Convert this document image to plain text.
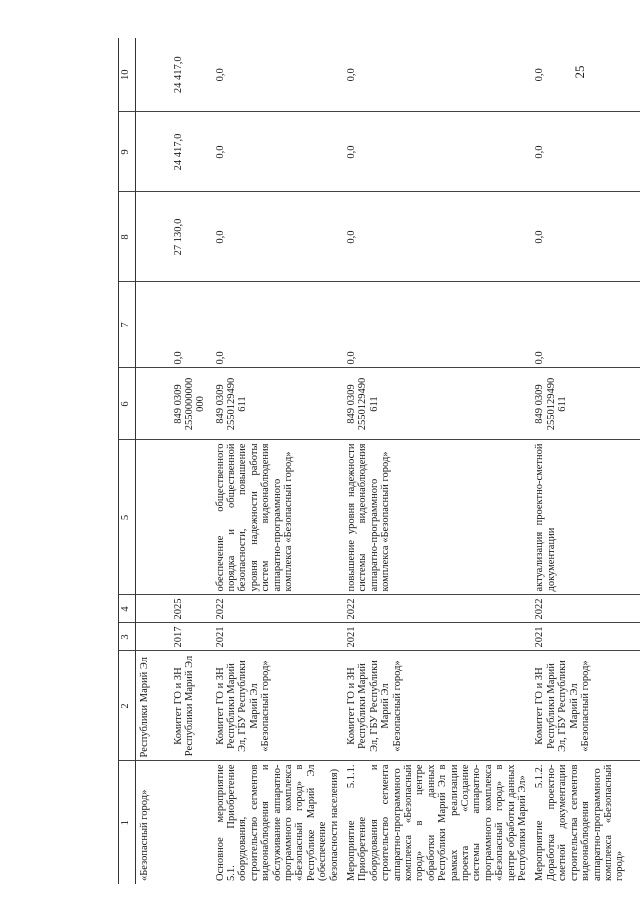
25
1	2	3	4	5	6	7	8	9	10
«Безопасный город»	Республики Марий Эл								
	Комитет ГО и ЗН Республики Марий Эл	2017	2025		849 0309 2550000000 000	0,0	27 130,0	24 417,0	24 417,0
Основное мероприятие 5.1. Приобретение оборудования, строительство сегментов видеонаблюдения и обслуживание аппаратно-программного комплекса «Безопасный город» в Республике Марий Эл (обеспечение безопасности населения)	Комитет ГО и ЗН Республики Марий Эл, ГБУ Республики Марий Эл «Безопасный город»	2021	2022	обеспечение общественного порядка и общественной безопасности, повышение уровня надежности работы систем видеонаблюдения аппаратно-программного комплекса «Безопасный город»	849 0309 2550129490 611	0,0	0,0	0,0	0,0
Мероприятие 5.1.1. Приобретение оборудования и строительство сегмента аппаратно-программного комплекса «Безопасный город» в центре обработки данных Республики Марий Эл в рамках реализации проекта «Создание системы аппаратно-программного комплекса «Безопасный город» в центре обработки данных Республики Марий Эл»	Комитет ГО и ЗН Республики Марий Эл, ГБУ Республики Марий Эл «Безопасный город»	2021	2022	повышение уровня надежности системы видеонаблюдения аппаратно-программного комплекса «Безопасный город»	849 0309 2550129490 611	0,0	0,0	0,0	0,0
Мероприятие 5.1.2. Доработка проектно-сметной документации строительства сегментов видеонаблюдения аппаратно-программного комплекса «Безопасный город»	Комитет ГО и ЗН Республики Марий Эл, ГБУ Республики Марий Эл «Безопасный город»	2021	2022	актуализация проектно-сметной документации	849 0309 2550129490 611	0,0	0,0	0,0	0,0
